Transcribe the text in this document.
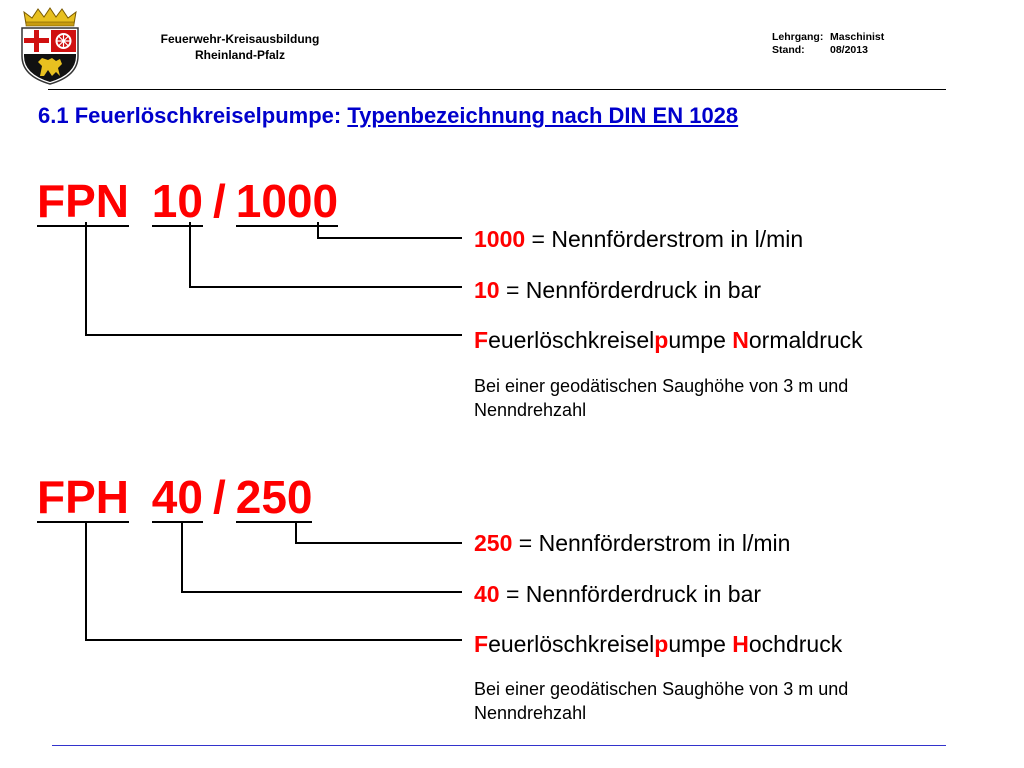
Feuerwehr-Kreisausbildung
Rheinland-Pfalz
Lehrgang: Maschinist
Stand: 08/2013
6.1 Feuerlöschkreiselpumpe: Typenbezeichnung nach DIN EN 1028
FPN 10 / 1000
1000 = Nennförderstrom in l/min
10 = Nennförderdruck in bar
Feuerlöschkreiselpumpe Normaldruck
Bei einer geodätischen Saughöhe von 3 m und Nenndrehzahl
FPH 40 / 250
250 = Nennförderstrom in l/min
40 = Nennförderdruck in bar
Feuerlöschkreiselpumpe Hochdruck
Bei einer geodätischen Saughöhe von 3 m und Nenndrehzahl
